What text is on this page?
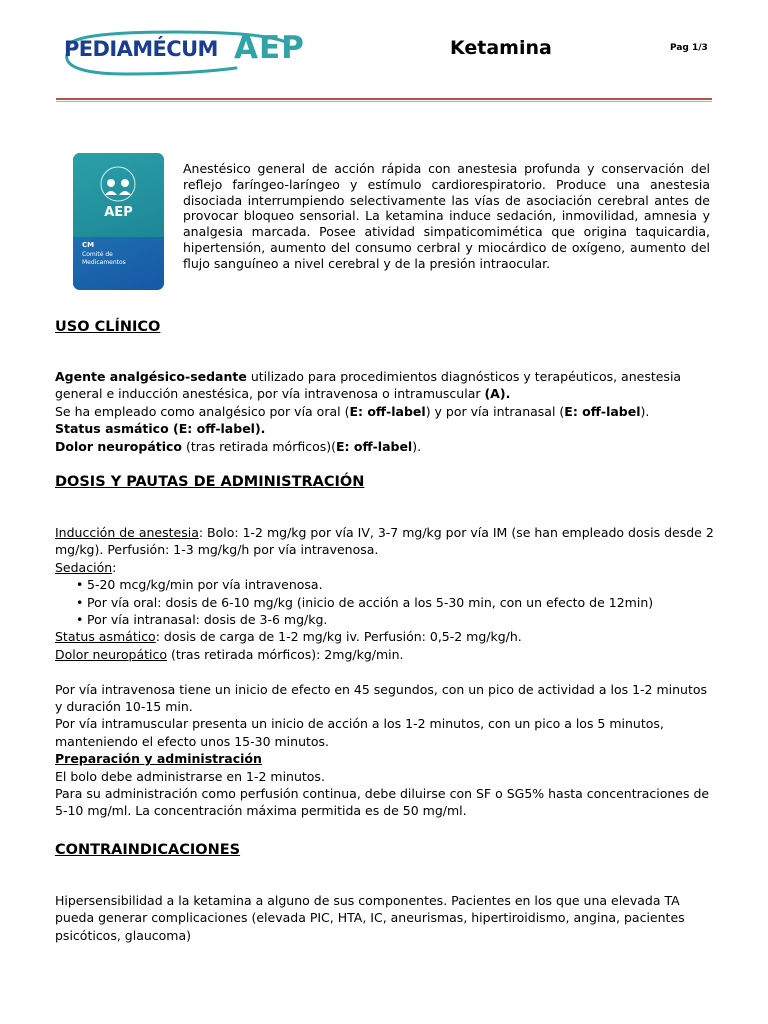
PEDIAMÉCUM AEP	Ketamina	Pag 1/3
AEP
CM
Comité de Medicamentos
Anestésico general de acción rápida con anestesia profunda y conservación del reflejo faríngeo-laríngeo y estímulo cardiorespiratorio. Produce una anestesia disociada interrumpiendo selectivamente las vías de asociación cerebral antes de provocar bloqueo sensorial. La ketamina induce sedación, inmovilidad, amnesia y analgesia marcada. Posee atividad simpaticomimética que origina taquicardia, hipertensión, aumento del consumo cerbral y miocárdico de oxígeno, aumento del flujo sanguíneo a nivel cerebral y de la presión intraocular.
USO CLÍNICO
Agente analgésico-sedante utilizado para procedimientos diagnósticos y terapéuticos, anestesia general e inducción anestésica, por vía intravenosa o intramuscular (A).
Se ha empleado como analgésico por vía oral (E: off-label) y por vía intranasal (E: off-label).
Status asmático (E: off-label).
Dolor neuropático (tras retirada mórficos)(E: off-label).
DOSIS Y PAUTAS DE ADMINISTRACIÓN
Inducción de anestesia: Bolo: 1-2 mg/kg por vía IV, 3-7 mg/kg por vía IM (se han empleado dosis desde 2 mg/kg). Perfusión: 1-3 mg/kg/h por vía intravenosa.
Sedación:
• 5-20 mcg/kg/min por vía intravenosa.
• Por vía oral: dosis de 6-10 mg/kg (inicio de acción a los 5-30 min, con un efecto de 12min)
• Por vía intranasal: dosis de 3-6 mg/kg.
Status asmático: dosis de carga de 1-2 mg/kg iv. Perfusión: 0,5-2 mg/kg/h.
Dolor neuropático (tras retirada mórficos): 2mg/kg/min.
Por vía intravenosa tiene un inicio de efecto en 45 segundos, con un pico de actividad a los 1-2 minutos y duración 10-15 min.
Por vía intramuscular presenta un inicio de acción a los 1-2 minutos, con un pico a los 5 minutos, manteniendo el efecto unos 15-30 minutos.
Preparación y administración
El bolo debe administrarse en 1-2 minutos.
Para su administración como perfusión continua, debe diluirse con SF o SG5% hasta concentraciones de 5-10 mg/ml. La concentración máxima permitida es de 50 mg/ml.
CONTRAINDICACIONES
Hipersensibilidad a la ketamina a alguno de sus componentes. Pacientes en los que una elevada TA pueda generar complicaciones (elevada PIC, HTA, IC, aneurismas, hipertiroidismo, angina, pacientes psicóticos, glaucoma)
